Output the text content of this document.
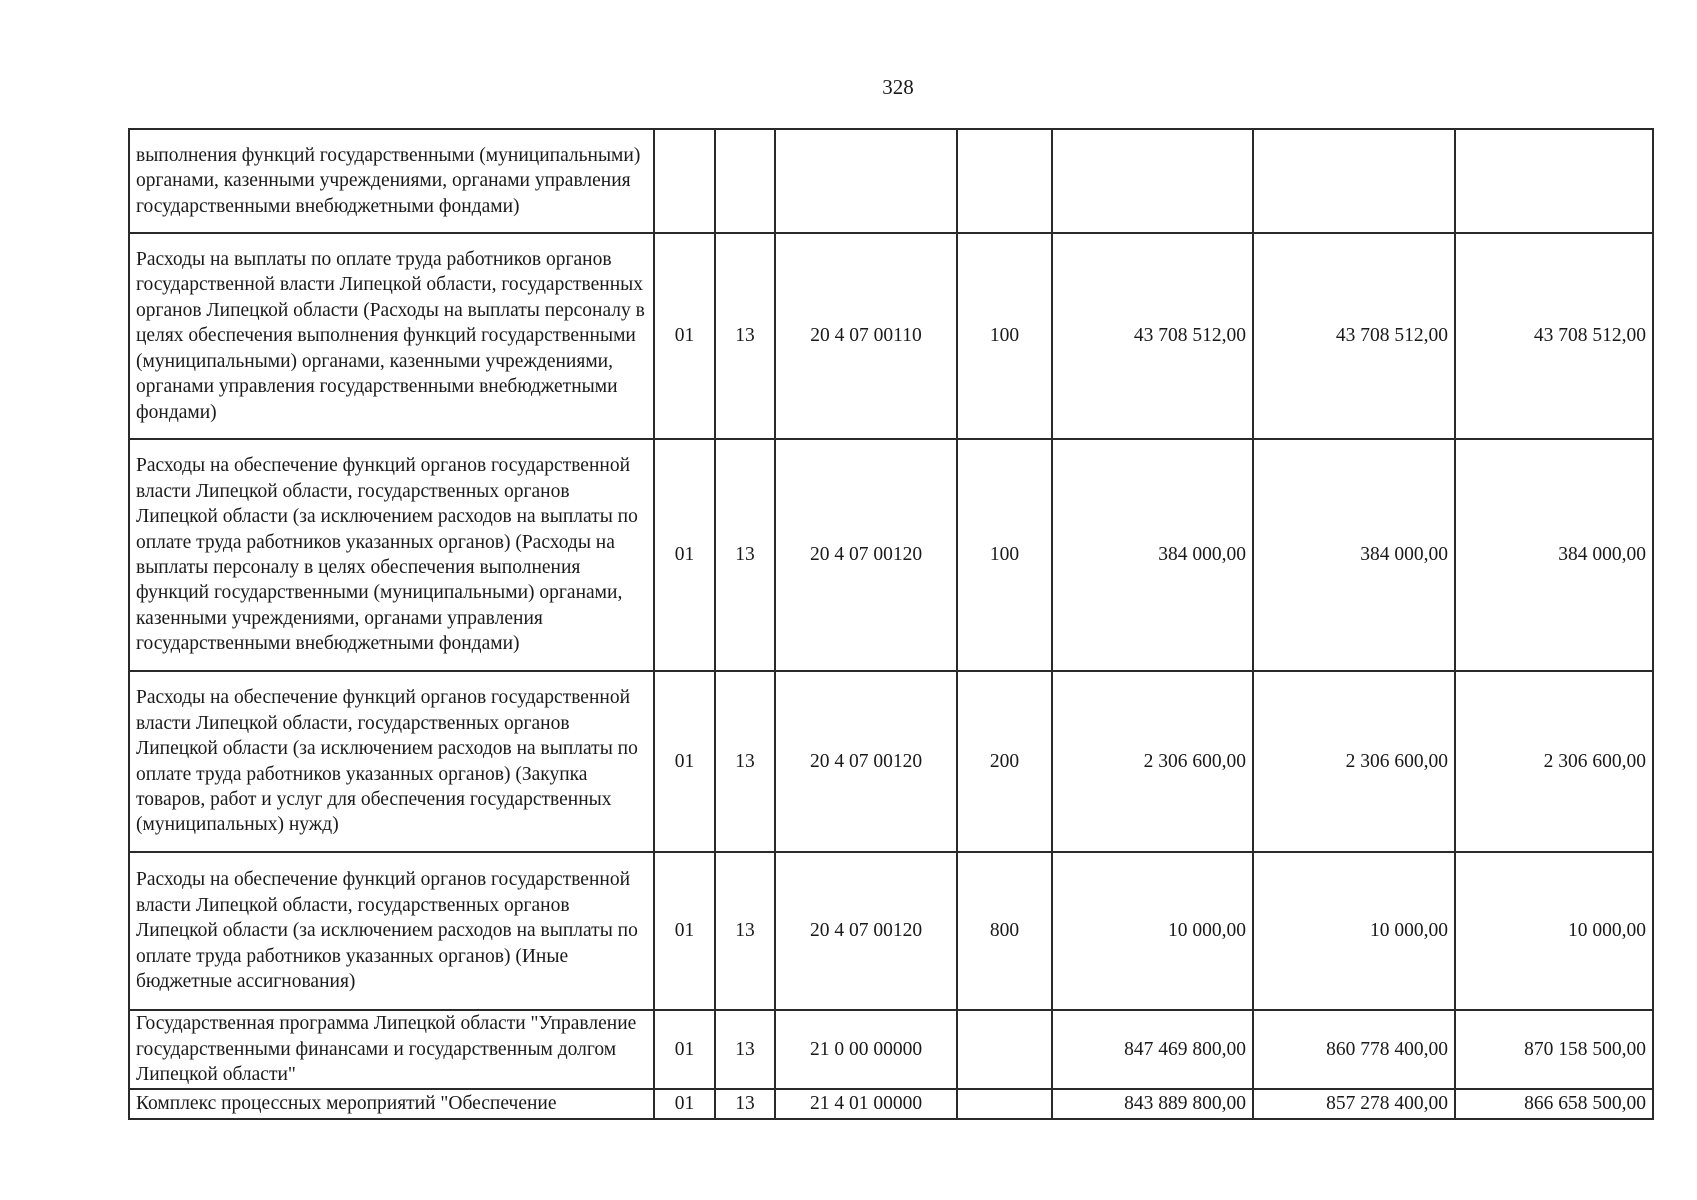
328
выполнения функций государственными (муниципальными) органами, казенными учреждениями, органами управления государственными внебюджетными фондами)							
Расходы на выплаты по оплате труда работников органов государственной власти Липецкой области, государственных органов Липецкой области (Расходы на выплаты персоналу в целях обеспечения выполнения функций государственными (муниципальными) органами, казенными учреждениями, органами управления государственными внебюджетными фондами)	01	13	20 4 07 00110	100	43 708 512,00	43 708 512,00	43 708 512,00
Расходы на обеспечение функций органов государственной власти Липецкой области, государственных органов Липецкой области (за исключением расходов на выплаты по оплате труда работников указанных органов) (Расходы на выплаты персоналу в целях обеспечения выполнения функций государственными (муниципальными) органами, казенными учреждениями, органами управления государственными внебюджетными фондами)	01	13	20 4 07 00120	100	384 000,00	384 000,00	384 000,00
Расходы на обеспечение функций органов государственной власти Липецкой области, государственных органов Липецкой области (за исключением расходов на выплаты по оплате труда работников указанных органов) (Закупка товаров, работ и услуг для обеспечения государственных (муниципальных) нужд)	01	13	20 4 07 00120	200	2 306 600,00	2 306 600,00	2 306 600,00
Расходы на обеспечение функций органов государственной власти Липецкой области, государственных органов Липецкой области (за исключением расходов на выплаты по оплате труда работников указанных органов) (Иные бюджетные ассигнования)	01	13	20 4 07 00120	800	10 000,00	10 000,00	10 000,00
Государственная программа Липецкой области "Управление государственными финансами и государственным долгом Липецкой области"	01	13	21 0 00 00000		847 469 800,00	860 778 400,00	870 158 500,00
Комплекс процессных мероприятий "Обеспечение	01	13	21 4 01 00000		843 889 800,00	857 278 400,00	866 658 500,00
